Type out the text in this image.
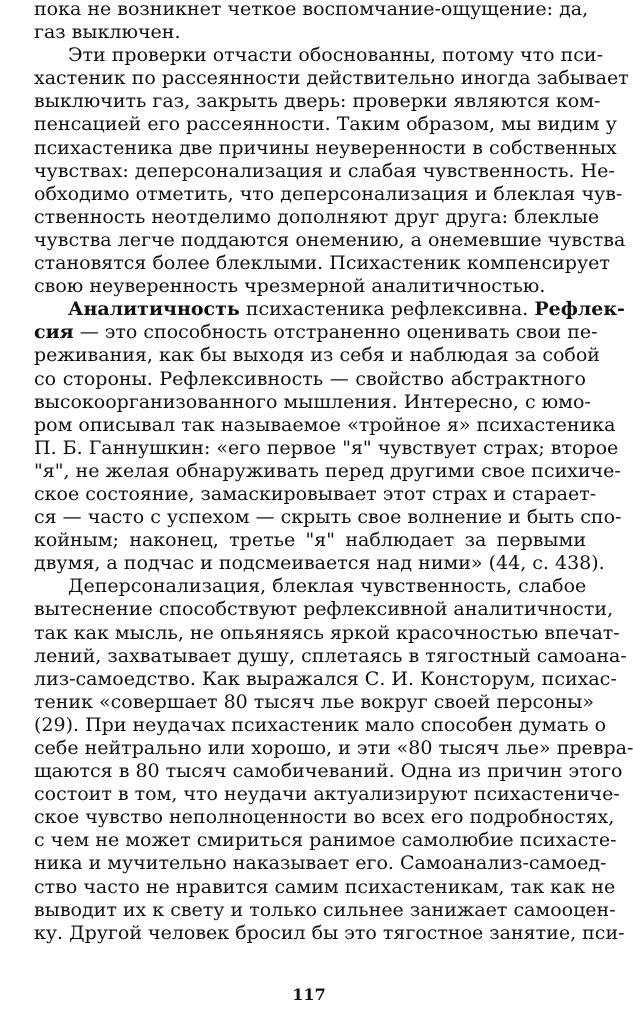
пока не возникнет четкое воспомчание-ощущение: да,
газ выключен.
Эти проверки отчасти обоснованны, потому что пси-
хастеник по рассеянности действительно иногда забывает
выключить газ, закрыть дверь: проверки являются ком-
пенсацией его рассеянности. Таким образом, мы видим у
психастеника две причины неуверенности в собственных
чувствах: деперсонализация и слабая чувственность. Не-
обходимо отметить, что деперсонализация и блеклая чув-
ственность неотделимо дополняют друг друга: блеклые
чувства легче поддаются онемению, а онемевшие чувства
становятся более блеклыми. Психастеник компенсирует
свою неуверенность чрезмерной аналитичностью.
Аналитичность психастеника рефлексивна. Рефлек-
сия — это способность отстраненно оценивать свои пе-
реживания, как бы выходя из себя и наблюдая за собой
со стороны. Рефлексивность — свойство абстрактного
высокоорганизованного мышления. Интересно, с юмо-
ром описывал так называемое «тройное я» психастеника
П. Б. Ганнушкин: «его первое "я" чувствует страх; второе
"я", не желая обнаруживать перед другими свое психиче-
ское состояние, замаскировывает этот страх и старает-
ся — часто с успехом — скрыть свое волнение и быть спо-
койным; наконец, третье "я" наблюдает за первыми
двумя, а подчас и подсмеивается над ними» (44, с. 438).
Деперсонализация, блеклая чувственность, слабое
вытеснение способствуют рефлексивной аналитичности,
так как мысль, не опьяняясь яркой красочностью впечат-
лений, захватывает душу, сплетаясь в тягостный самоана-
лиз-самоедство. Как выражался С. И. Консторум, психас-
теник «совершает 80 тысяч лье вокруг своей персоны»
(29). При неудачах психастеник мало способен думать о
себе нейтрально или хорошо, и эти «80 тысяч лье» превра-
щаются в 80 тысяч самобичеваний. Одна из причин этого
состоит в том, что неудачи актуализируют психастениче-
ское чувство неполноценности во всех его подробностях,
с чем не может смириться ранимое самолюбие психасте-
ника и мучительно наказывает его. Самоанализ-самоед-
ство часто не нравится самим психастеникам, так как не
выводит их к свету и только сильнее занижает самооцен-
ку. Другой человек бросил бы это тягостное занятие, пси-
117
